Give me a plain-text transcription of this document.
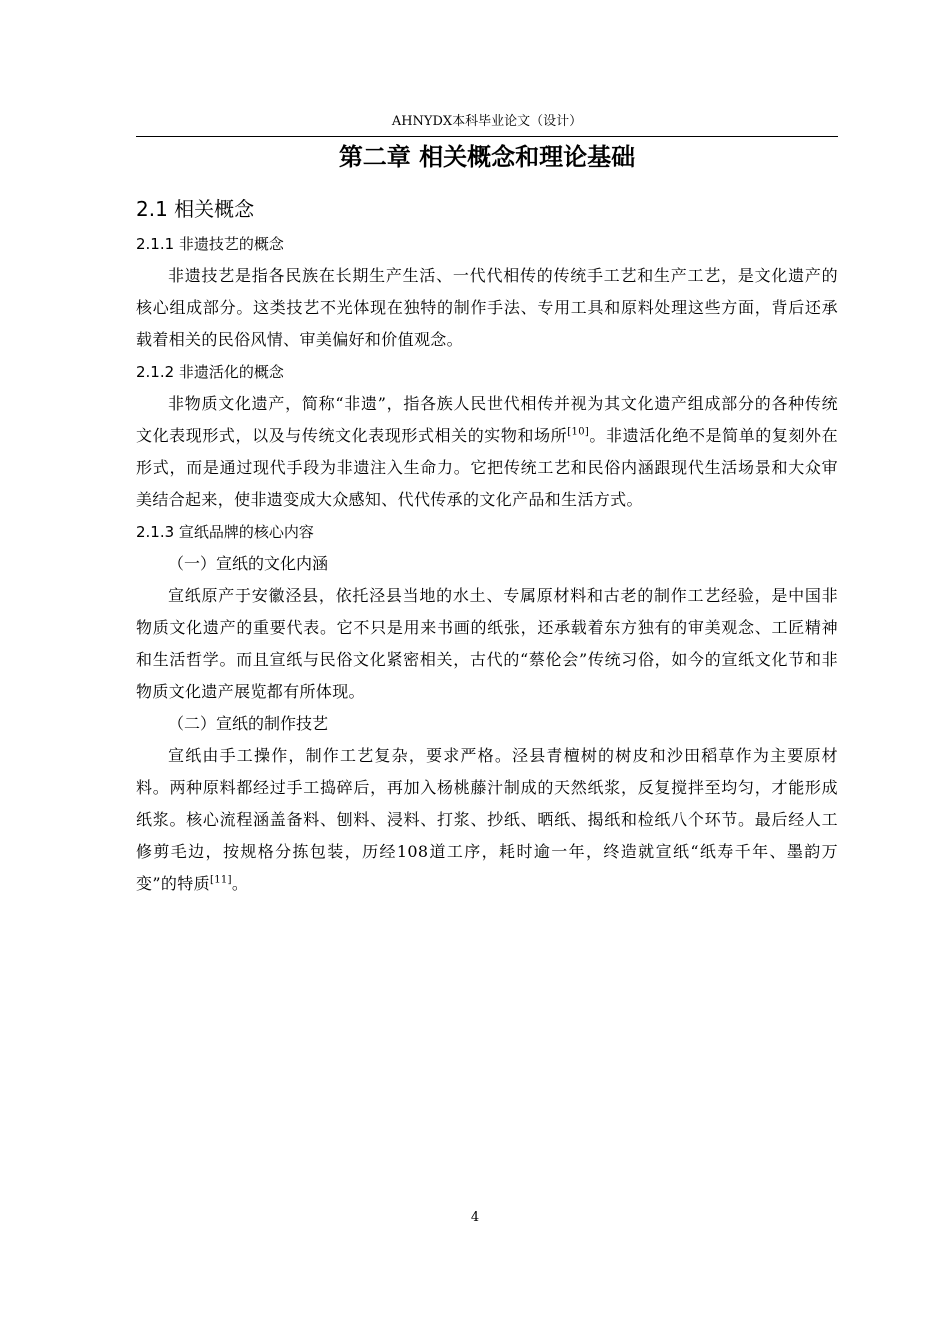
AHNYDX本科毕业论文（设计）
第二章 相关概念和理论基础
2.1 相关概念
2.1.1 非遗技艺的概念

非遗技艺是指各民族在长期生产生活、一代代相传的传统手工艺和生产工艺，是文化遗产的核心组成部分。这类技艺不光体现在独特的制作手法、专用工具和原料处理这些方面，背后还承载着相关的民俗风情、审美偏好和价值观念。

2.1.2 非遗活化的概念

非物质文化遗产，简称“非遗”，指各族人民世代相传并视为其文化遗产组成部分的各种传统文化表现形式，以及与传统文化表现形式相关的实物和场所[10]。非遗活化绝不是简单的复刻外在形式，而是通过现代手段为非遗注入生命力。它把传统工艺和民俗内涵跟现代生活场景和大众审美结合起来，使非遗变成大众感知、代代传承的文化产品和生活方式。

2.1.3 宣纸品牌的核心内容

（一）宣纸的文化内涵

宣纸原产于安徽泾县，依托泾县当地的水土、专属原材料和古老的制作工艺经验，是中国非物质文化遗产的重要代表。它不只是用来书画的纸张，还承载着东方独有的审美观念、工匠精神和生活哲学。而且宣纸与民俗文化紧密相关，古代的“蔡伦会”传统习俗，如今的宣纸文化节和非物质文化遗产展览都有所体现。

（二）宣纸的制作技艺

宣纸由手工操作，制作工艺复杂，要求严格。泾县青檀树的树皮和沙田稻草作为主要原材料。两种原料都经过手工捣碎后，再加入杨桃藤汁制成的天然纸浆，反复搅拌至均匀，才能形成纸浆。核心流程涵盖备料、刨料、浸料、打浆、抄纸、晒纸、揭纸和检纸八个环节。最后经人工修剪毛边，按规格分拣包装，历经108道工序，耗时逾一年，终造就宣纸“纸寿千年、墨韵万变”的特质[11]。

4
